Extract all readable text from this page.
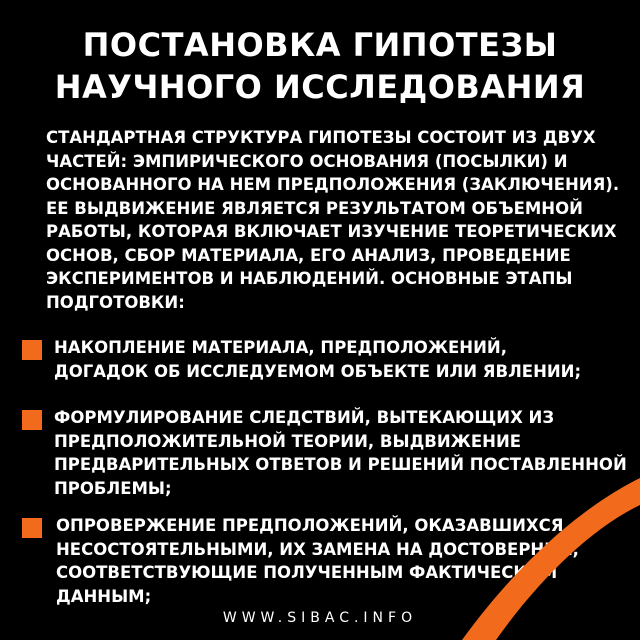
ПОСТАНОВКА ГИПОТЕЗЫ
НАУЧНОГО ИССЛЕДОВАНИЯ
СТАНДАРТНАЯ СТРУКТУРА ГИПОТЕЗЫ СОСТОИТ ИЗ ДВУХ
ЧАСТЕЙ: ЭМПИРИЧЕСКОГО ОСНОВАНИЯ (ПОСЫЛКИ) И
ОСНОВАННОГО НА НЕМ ПРЕДПОЛОЖЕНИЯ (ЗАКЛЮЧЕНИЯ).
ЕЕ ВЫДВИЖЕНИЕ ЯВЛЯЕТСЯ РЕЗУЛЬТАТОМ ОБЪЕМНОЙ
РАБОТЫ, КОТОРАЯ ВКЛЮЧАЕТ ИЗУЧЕНИЕ ТЕОРЕТИЧЕСКИХ
ОСНОВ, СБОР МАТЕРИАЛА, ЕГО АНАЛИЗ, ПРОВЕДЕНИЕ
ЭКСПЕРИМЕНТОВ И НАБЛЮДЕНИЙ. ОСНОВНЫЕ ЭТАПЫ
ПОДГОТОВКИ:
НАКОПЛЕНИЕ МАТЕРИАЛА, ПРЕДПОЛОЖЕНИЙ,
ДОГАДОК ОБ ИССЛЕДУЕМОМ ОБЪЕКТЕ ИЛИ ЯВЛЕНИИ;
ФОРМУЛИРОВАНИЕ СЛЕДСТВИЙ, ВЫТЕКАЮЩИХ ИЗ
ПРЕДПОЛОЖИТЕЛЬНОЙ ТЕОРИИ, ВЫДВИЖЕНИЕ
ПРЕДВАРИТЕЛЬНЫХ ОТВЕТОВ И РЕШЕНИЙ ПОСТАВЛЕННОЙ
ПРОБЛЕМЫ;
ОПРОВЕРЖЕНИЕ ПРЕДПОЛОЖЕНИЙ, ОКАЗАВШИХСЯ
НЕСОСТОЯТЕЛЬНЫМИ, ИХ ЗАМЕНА НА ДОСТОВЕРНЫЕ,
СООТВЕТСТВУЮЩИЕ ПОЛУЧЕННЫМ ФАКТИЧЕСКИМ
ДАННЫМ;
WWW.SIBAC.INFO
